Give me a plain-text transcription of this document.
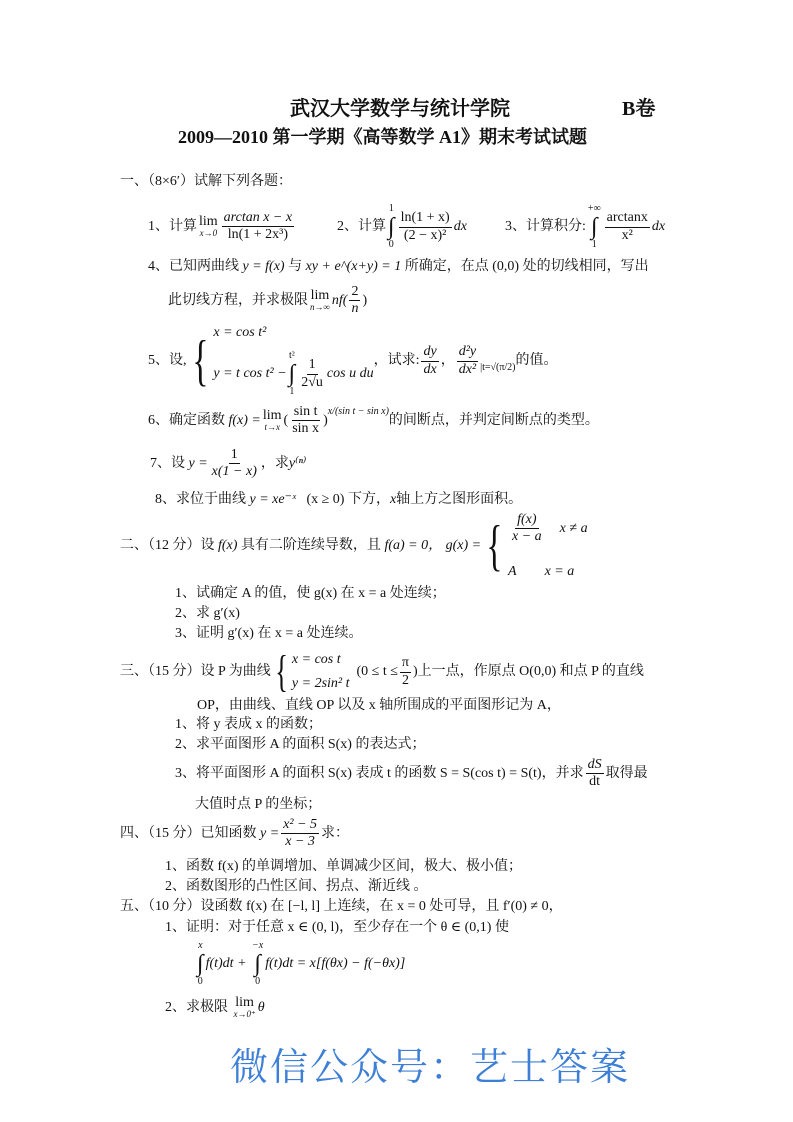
武汉大学数学与统计学院	B卷
2009—2010 第一学期《高等数学 A1》期末考试试题
一、（8×6′）试解下列各题：
1、计算 lim
$x\to 0 \frac{\text{arctan x − x}}{\text{ln(1 + 2x³)}}$	2、计算
1
∫
0
$\frac{\ln(1 + x)}{\text{(2 − x)²}}$ dx	3、计算积分:
+∞
∫
1
$\frac{\arctan x}{\text{x²}}$ dx
4、已知两曲线
y = f(x)
与
xy + e^(x+y) = 1
所确定，在点 (0,0) 处的切线相同，写出
此切线方程，并求极限 lim
n→∞ $nf( \frac{2}{n}$ )
5、设, { x = cos t²
y = t cos t² −
t²
∫
1
$\frac{1}{2√u}$ cos u du
，试求: $\frac{dy}{dx}$ ， $\frac{\text{d²y}}{\text{dx²}} |t=√(\pi/2)$ 的值。
6、确定函数
f(x) = lim
t→x ( $\frac{\text{sin t}}{\text{sin x}}$ )
x/(sin t − sin x)
的间断点，并判定间断点的类型。
7、设
$y = \frac{1}{x(1 - x)}$ ，求 y⁽ⁿ⁾
8、求位于曲线
y = xe⁻ˣ
(x ≥ 0)
下方， x 轴上方之图形面积。
二、（12 分）设
f(x)
具有二阶连续导数，且
f(a) = 0，
g(x) = { $\frac{f(x)}{x - a}$
x ≠ a
A x = a
1、试确定 A 的值，使 g(x) 在 x = a 处连续；
2、求 g′(x)
3、证明 g′(x) 在 x = a 处连续。
三、（15 分）设 P 为曲线 { x = cos t
y = 2sin² t

($0 \le t \le \frac{\pi}{2}$ ) 上一点，作原点 O(0,0) 和点 P 的直线
OP，由曲线、直线 OP 以及 x 轴所围成的平面图形记为 A，
1、将 y 表成 x 的函数；
2、求平面图形 A 的面积 S(x) 的表达式；
3、将平面图形 A 的面积 S(x) 表成 t 的函数 S = S(cos t) = S(t)，并求 $\frac{dS}{dt}$ 取得最
大值时点 P 的坐标；
四、（15 分）已知函数
$y = \frac{\text{x² − 5}}{x - 3}$ 求：
1、函数 f(x) 的单调增加、单调减少区间，极大、极小值；
2、函数图形的凸性区间、拐点、渐近线 。
五、（10 分）设函数 f(x) 在 [−l, l] 上连续，在 x = 0 处可导，且 f′(0) ≠ 0，
1、证明：对于任意 x ∈ (0, l)，至少存在一个 θ ∈ (0,1) 使
x
∫
0
f(t)dt +

−x
∫
0
f(t)dt = x[f(θx) − f(−θx)]
2、求极限
lim
x→0⁺ θ
微信公众号：艺士答案
